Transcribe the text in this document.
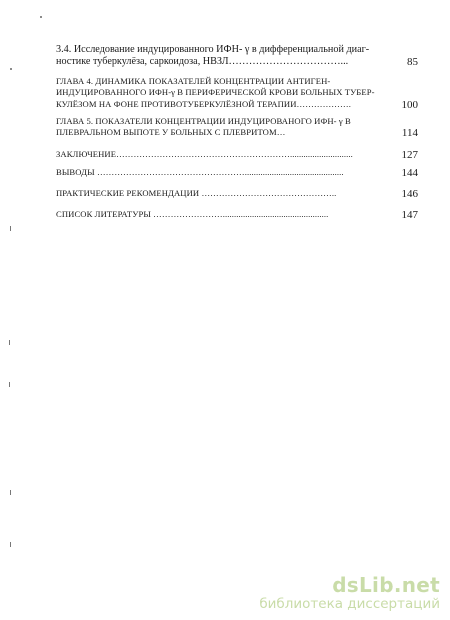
3.4. Исследование индуцированного ИФН- γ в дифференциальной диаг-
ностике туберкулёза, саркоидоза, НВЗЛ……………………………...	85
ГЛАВА 4. ДИНАМИКА ПОКАЗАТЕЛЕЙ КОНЦЕНТРАЦИИ АНТИГЕН-
ИНДУЦИРОВАННОГО ИФН-γ В ПЕРИФЕРИЧЕСКОЙ КРОВИ БОЛЬНЫХ ТУБЕР-
КУЛЁЗОМ НА ФОНЕ ПРОТИВОТУБЕРКУЛЁЗНОЙ ТЕРАПИИ……………….	100
ГЛАВА 5. ПОКАЗАТЕЛИ КОНЦЕНТРАЦИИ ИНДУЦИРОВАНОГО ИФН- γ В
ПЛЕВРАЛЬНОМ ВЫПОТЕ У БОЛЬНЫХ С ПЛЕВРИТОМ…	114
ЗАКЛЮЧЕНИЕ……………………………………………………............................	127
ВЫВОДЫ ……………………………………………............................................	144
ПРАКТИЧЕСКИЕ РЕКОМЕНДАЦИИ ………………………………………..	146
СПИСОК ЛИТЕРАТУРЫ ……………………...............................................	147
dsLib.net
библиотека диссертаций
